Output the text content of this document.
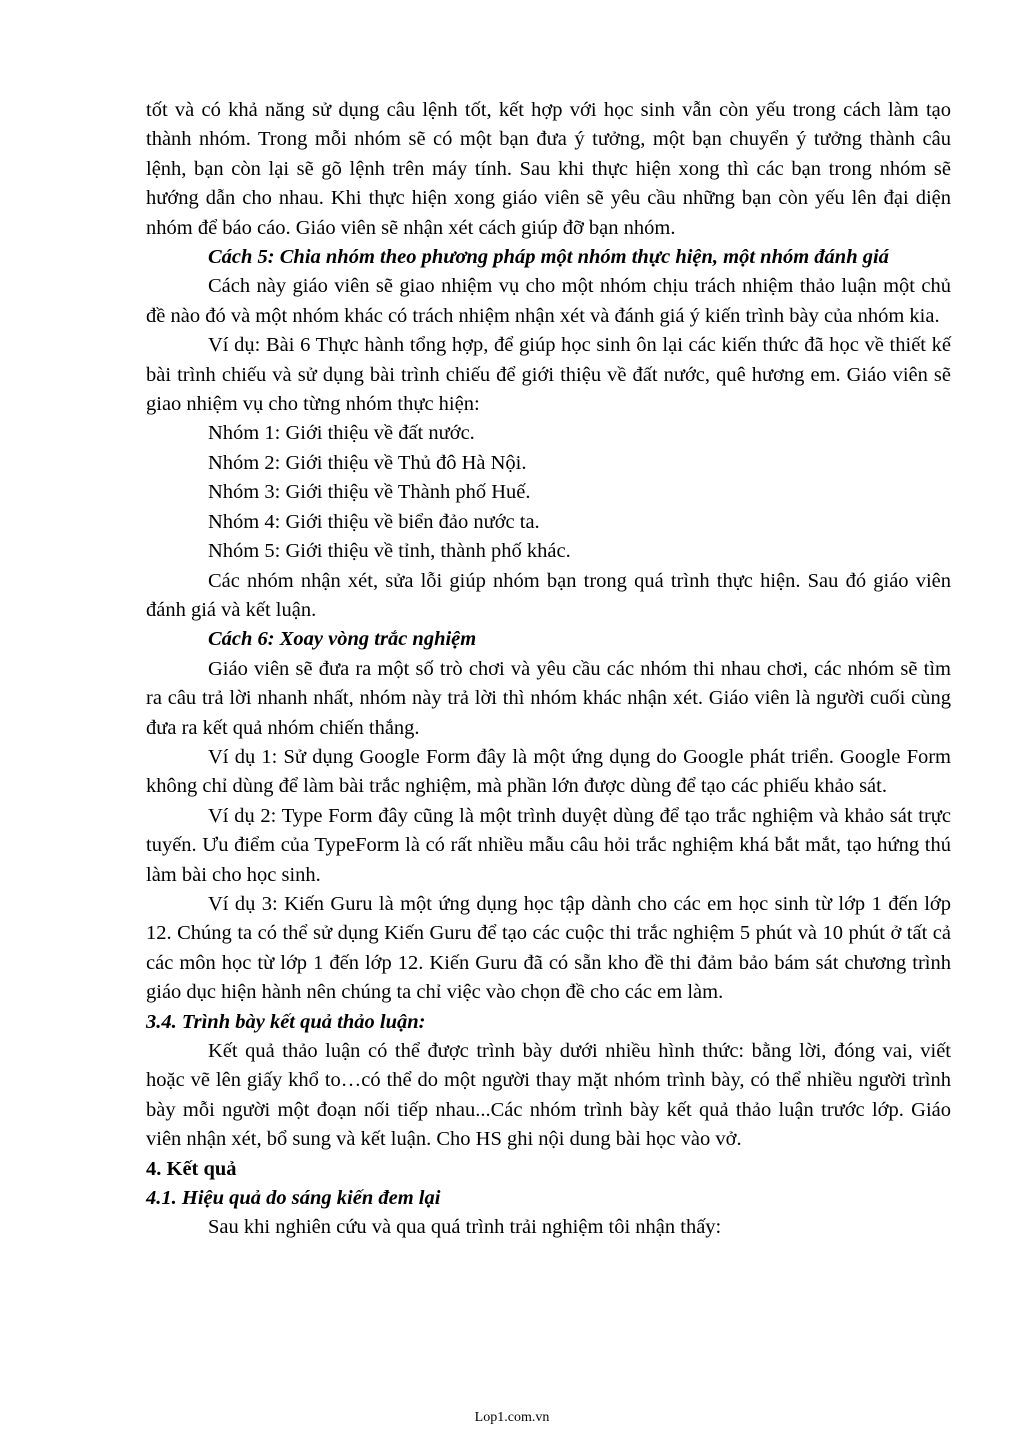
tốt và có khả năng sử dụng câu lệnh tốt, kết hợp với học sinh vẫn còn yếu trong cách làm tạo thành nhóm. Trong mỗi nhóm sẽ có một bạn đưa ý tưởng, một bạn chuyển ý tưởng thành câu lệnh, bạn còn lại sẽ gõ lệnh trên máy tính. Sau khi thực hiện xong thì các bạn trong nhóm sẽ hướng dẫn cho nhau. Khi thực hiện xong giáo viên sẽ yêu cầu những bạn còn yếu lên đại diện nhóm để báo cáo. Giáo viên sẽ nhận xét cách giúp đỡ bạn nhóm.

Cách 5: Chia nhóm theo phương pháp một nhóm thực hiện, một nhóm đánh giá

Cách này giáo viên sẽ giao nhiệm vụ cho một nhóm chịu trách nhiệm thảo luận một chủ đề nào đó và một nhóm khác có trách nhiệm nhận xét và đánh giá ý kiến trình bày của nhóm kia.

Ví dụ: Bài 6 Thực hành tổng hợp, để giúp học sinh ôn lại các kiến thức đã học về thiết kế bài trình chiếu và sử dụng bài trình chiếu để giới thiệu về đất nước, quê hương em. Giáo viên sẽ giao nhiệm vụ cho từng nhóm thực hiện:

Nhóm 1: Giới thiệu về đất nước.

Nhóm 2: Giới thiệu về Thủ đô Hà Nội.

Nhóm 3: Giới thiệu về Thành phố Huế.

Nhóm 4: Giới thiệu về biển đảo nước ta.

Nhóm 5: Giới thiệu về tỉnh, thành phố khác.

Các nhóm nhận xét, sửa lỗi giúp nhóm bạn trong quá trình thực hiện. Sau đó giáo viên đánh giá và kết luận.

Cách 6: Xoay vòng trắc nghiệm

Giáo viên sẽ đưa ra một số trò chơi và yêu cầu các nhóm thi nhau chơi, các nhóm sẽ tìm ra câu trả lời nhanh nhất, nhóm này trả lời thì nhóm khác nhận xét. Giáo viên là người cuối cùng đưa ra kết quả nhóm chiến thắng.

Ví dụ 1: Sử dụng Google Form đây là một ứng dụng do Google phát triển. Google Form không chỉ dùng để làm bài trắc nghiệm, mà phần lớn được dùng để tạo các phiếu khảo sát.

Ví dụ 2: Type Form đây cũng là một trình duyệt dùng để tạo trắc nghiệm và khảo sát trực tuyến. Ưu điểm của TypeForm là có rất nhiều mẫu câu hỏi trắc nghiệm khá bắt mắt, tạo hứng thú làm bài cho học sinh.

Ví dụ 3: Kiến Guru là một ứng dụng học tập dành cho các em học sinh từ lớp 1 đến lớp 12. Chúng ta có thể sử dụng Kiến Guru để tạo các cuộc thi trắc nghiệm 5 phút và 10 phút ở tất cả các môn học từ lớp 1 đến lớp 12. Kiến Guru đã có sẵn kho đề thi đảm bảo bám sát chương trình giáo dục hiện hành nên chúng ta chỉ việc vào chọn đề cho các em làm.

3.4. Trình bày kết quả thảo luận:

Kết quả thảo luận có thể được trình bày dưới nhiều hình thức: bằng lời, đóng vai, viết hoặc vẽ lên giấy khổ to…có thể do một người thay mặt nhóm trình bày, có thể nhiều người trình bày mỗi người một đoạn nối tiếp nhau...Các nhóm trình bày kết quả thảo luận trước lớp. Giáo viên nhận xét, bổ sung và kết luận. Cho HS ghi nội dung bài học vào vở.

4. Kết quả

4.1. Hiệu quả do sáng kiến đem lại

Sau khi nghiên cứu và qua quá trình trải nghiệm tôi nhận thấy:

Lop1.com.vn
